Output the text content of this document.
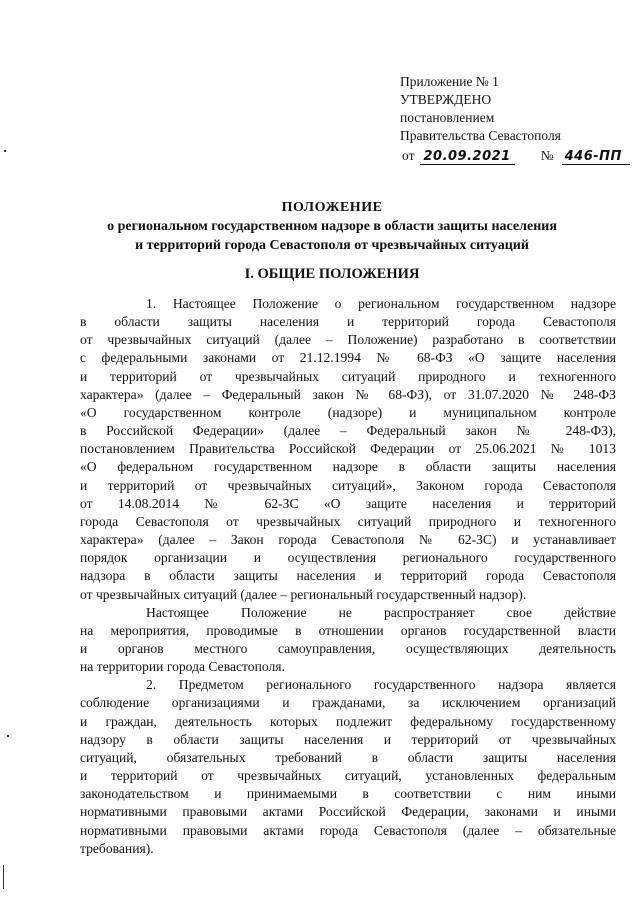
Приложение № 1
УТВЕРЖДЕНО
постановлением
Правительства Севастополя
от 20.09.2021 № 446-ПП
ПОЛОЖЕНИЕ
о региональном государственном надзоре в области защиты населения
и территорий города Севастополя от чрезвычайных ситуаций
I. ОБЩИЕ ПОЛОЖЕНИЯ
1. Настоящее Положение о региональном государственном надзоре
в области защиты населения и территорий города Севастополя
от чрезвычайных ситуаций (далее – Положение) разработано в соответствии
с федеральными законами от 21.12.1994 № 68-ФЗ «О защите населения
и территорий от чрезвычайных ситуаций природного и техногенного
характера» (далее – Федеральный закон № 68-ФЗ), от 31.07.2020 № 248-ФЗ
«О государственном контроле (надзоре) и муниципальном контроле
в Российской Федерации» (далее – Федеральный закон № 248-ФЗ),
постановлением Правительства Российской Федерации от 25.06.2021 № 1013
«О федеральном государственном надзоре в области защиты населения
и территорий от чрезвычайных ситуаций», Законом города Севастополя
от 14.08.2014 № 62-ЗС «О защите населения и территорий
города Севастополя от чрезвычайных ситуаций природного и техногенного
характера» (далее – Закон города Севастополя № 62-ЗС) и устанавливает
порядок организации и осуществления регионального государственного
надзора в области защиты населения и территорий города Севастополя
от чрезвычайных ситуаций (далее – региональный государственный надзор).
Настоящее Положение не распространяет свое действие
на мероприятия, проводимые в отношении органов государственной власти
и органов местного самоуправления, осуществляющих деятельность
на территории города Севастополя.
2. Предметом регионального государственного надзора является
соблюдение организациями и гражданами, за исключением организаций
и граждан, деятельность которых подлежит федеральному государственному
надзору в области защиты населения и территорий от чрезвычайных
ситуаций, обязательных требований в области защиты населения
и территорий от чрезвычайных ситуаций, установленных федеральным
законодательством и принимаемыми в соответствии с ним иными
нормативными правовыми актами Российской Федерации, законами и иными
нормативными правовыми актами города Севастополя (далее – обязательные
требования).
